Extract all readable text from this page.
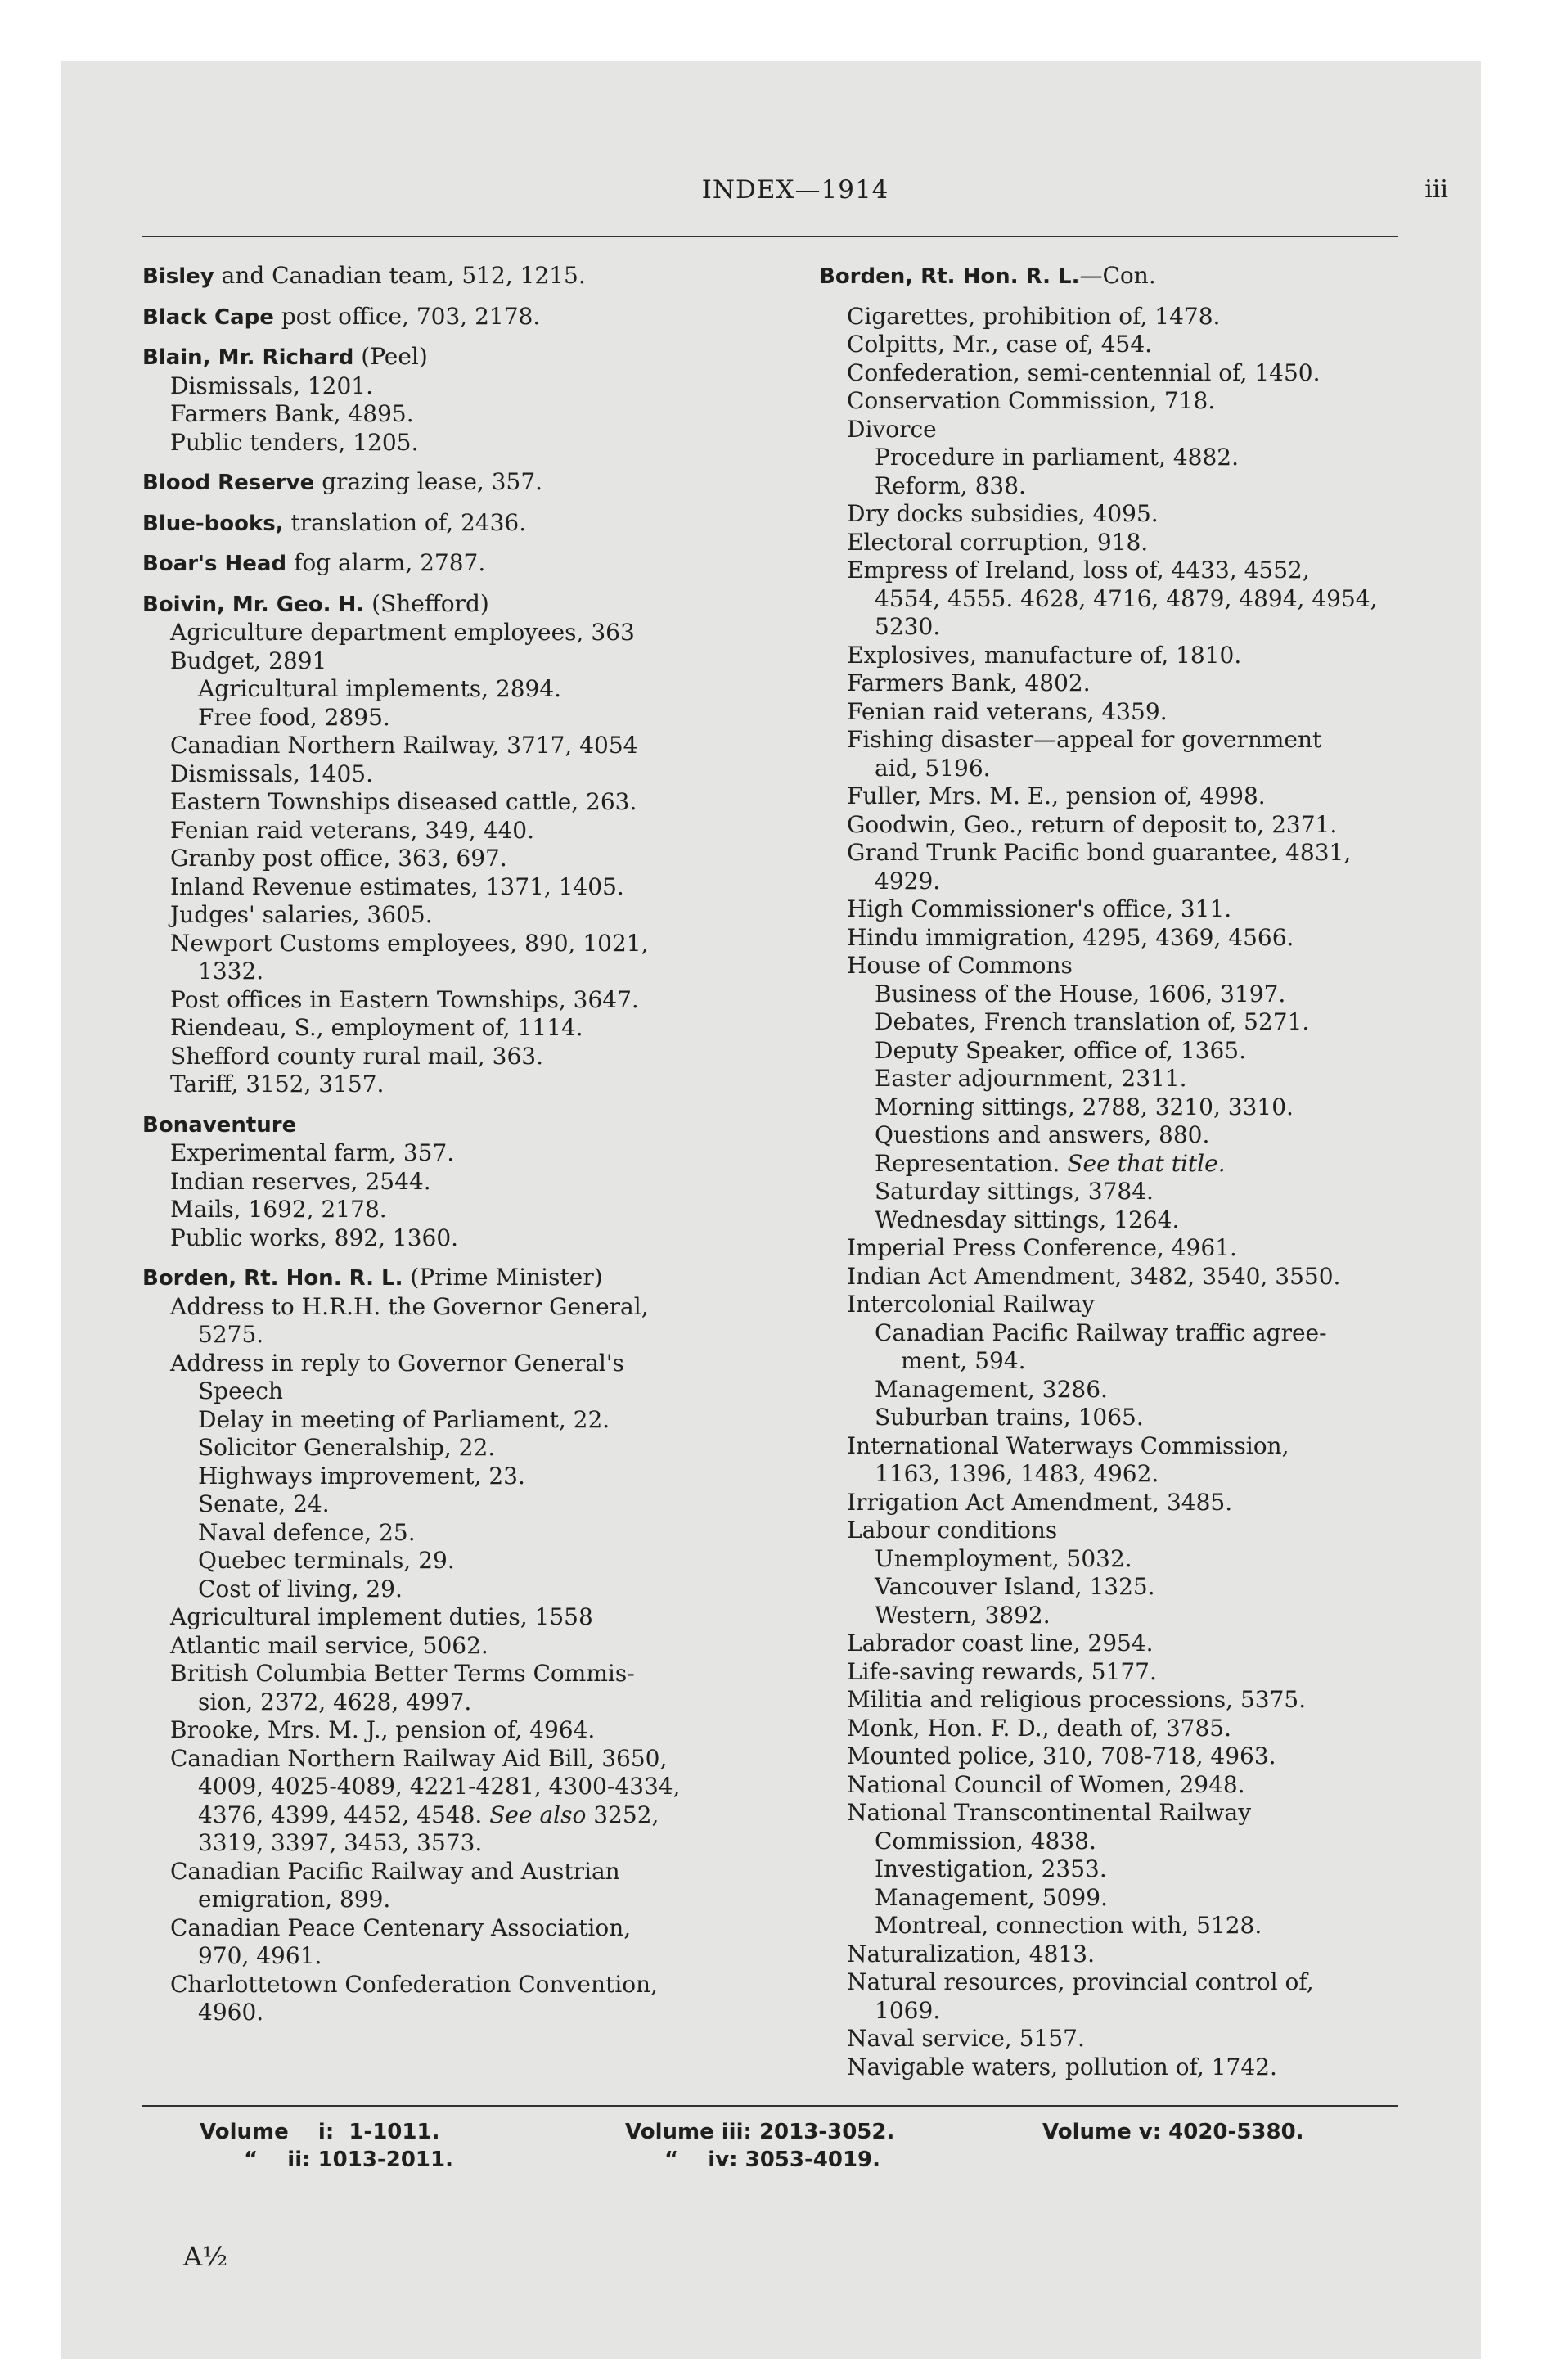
INDEX—1914	iii
Bisley and Canadian team, 512, 1215.
Black Cape post office, 703, 2178.
Blain, Mr. Richard (Peel)
Dismissals, 1201.
Farmers Bank, 4895.
Public tenders, 1205.
Blood Reserve grazing lease, 357.
Blue-books, translation of, 2436.
Boar's Head fog alarm, 2787.
Boivin, Mr. Geo. H. (Shefford)
Agriculture department employees, 363
Budget, 2891
Agricultural implements, 2894.
Free food, 2895.
Canadian Northern Railway, 3717, 4054
Dismissals, 1405.
Eastern Townships diseased cattle, 263.
Fenian raid veterans, 349, 440.
Granby post office, 363, 697.
Inland Revenue estimates, 1371, 1405.
Judges' salaries, 3605.
Newport Customs employees, 890, 1021,
1332.
Post offices in Eastern Townships, 3647.
Riendeau, S., employment of, 1114.
Shefford county rural mail, 363.
Tariff, 3152, 3157.
Bonaventure
Experimental farm, 357.
Indian reserves, 2544.
Mails, 1692, 2178.
Public works, 892, 1360.
Borden, Rt. Hon. R. L. (Prime Minister)
Address to H.R.H. the Governor General,
5275.
Address in reply to Governor General's
Speech
Delay in meeting of Parliament, 22.
Solicitor Generalship, 22.
Highways improvement, 23.
Senate, 24.
Naval defence, 25.
Quebec terminals, 29.
Cost of living, 29.
Agricultural implement duties, 1558
Atlantic mail service, 5062.
British Columbia Better Terms Commis-
sion, 2372, 4628, 4997.
Brooke, Mrs. M. J., pension of, 4964.
Canadian Northern Railway Aid Bill, 3650,
4009, 4025-4089, 4221-4281, 4300-4334,
4376, 4399, 4452, 4548. See also 3252,
3319, 3397, 3453, 3573.
Canadian Pacific Railway and Austrian
emigration, 899.
Canadian Peace Centenary Association,
970, 4961.
Charlottetown Confederation Convention,
4960.
Borden, Rt. Hon. R. L.—Con.
Cigarettes, prohibition of, 1478.
Colpitts, Mr., case of, 454.
Confederation, semi-centennial of, 1450.
Conservation Commission, 718.
Divorce
Procedure in parliament, 4882.
Reform, 838.
Dry docks subsidies, 4095.
Electoral corruption, 918.
Empress of Ireland, loss of, 4433, 4552,
4554, 4555. 4628, 4716, 4879, 4894, 4954,
5230.
Explosives, manufacture of, 1810.
Farmers Bank, 4802.
Fenian raid veterans, 4359.
Fishing disaster—appeal for government
aid, 5196.
Fuller, Mrs. M. E., pension of, 4998.
Goodwin, Geo., return of deposit to, 2371.
Grand Trunk Pacific bond guarantee, 4831,
4929.
High Commissioner's office, 311.
Hindu immigration, 4295, 4369, 4566.
House of Commons
Business of the House, 1606, 3197.
Debates, French translation of, 5271.
Deputy Speaker, office of, 1365.
Easter adjournment, 2311.
Morning sittings, 2788, 3210, 3310.
Questions and answers, 880.
Representation. See that title.
Saturday sittings, 3784.
Wednesday sittings, 1264.
Imperial Press Conference, 4961.
Indian Act Amendment, 3482, 3540, 3550.
Intercolonial Railway
Canadian Pacific Railway traffic agree-
ment, 594.
Management, 3286.
Suburban trains, 1065.
International Waterways Commission,
1163, 1396, 1483, 4962.
Irrigation Act Amendment, 3485.
Labour conditions
Unemployment, 5032.
Vancouver Island, 1325.
Western, 3892.
Labrador coast line, 2954.
Life-saving rewards, 5177.
Militia and religious processions, 5375.
Monk, Hon. F. D., death of, 3785.
Mounted police, 310, 708-718, 4963.
National Council of Women, 2948.
National Transcontinental Railway
Commission, 4838.
Investigation, 2353.
Management, 5099.
Montreal, connection with, 5128.
Naturalization, 4813.
Natural resources, provincial control of,
1069.
Naval service, 5157.
Navigable waters, pollution of, 1742.
Volume    i:  1-1011.
“    ii: 1013-2011.
Volume iii: 2013-3052.
“    iv: 3053-4019.
Volume v: 4020-5380.
A½
